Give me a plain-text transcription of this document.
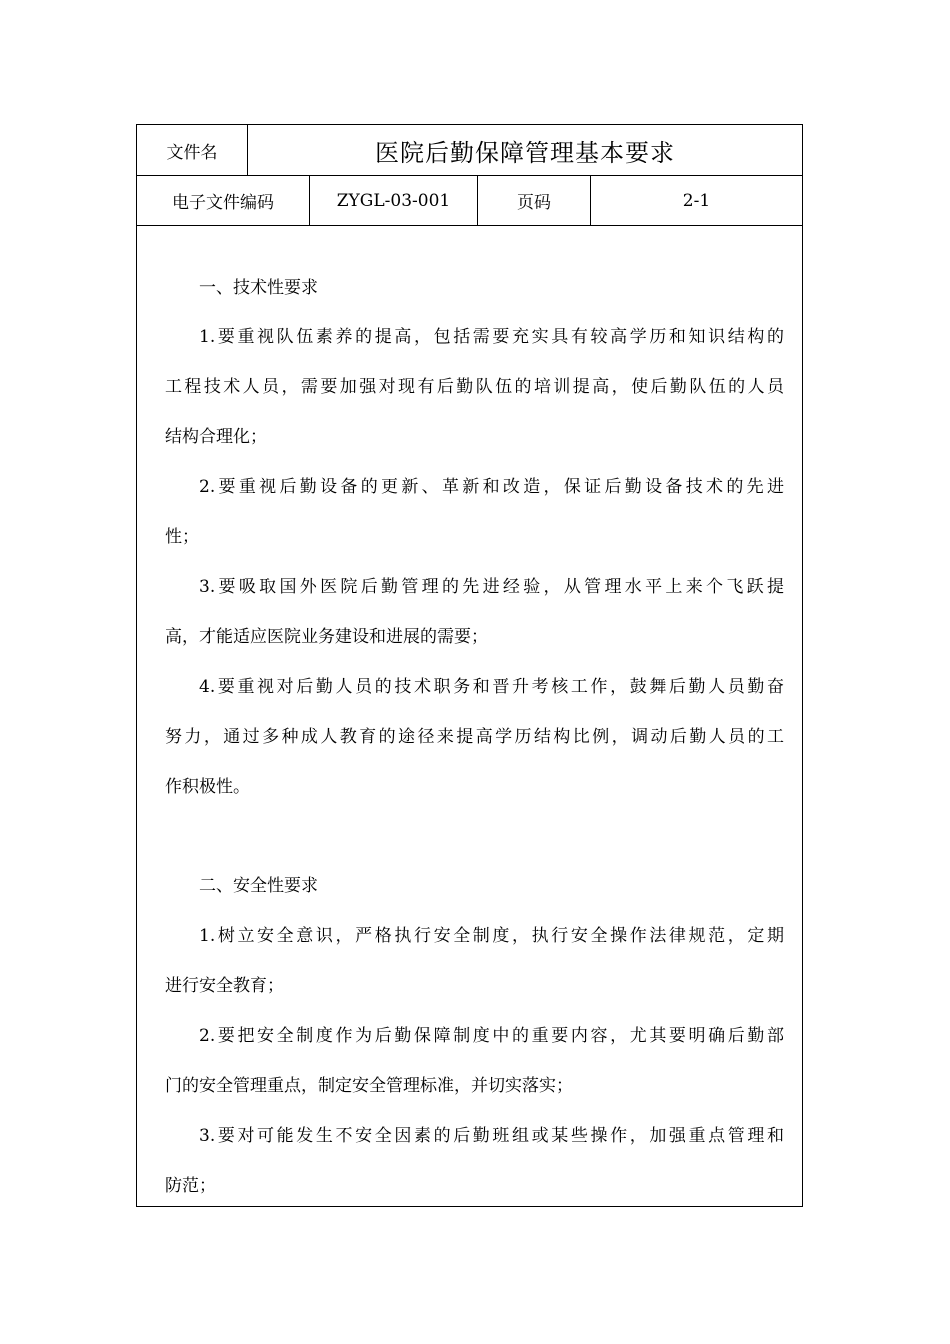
文件名	医院后勤保障管理基本要求
电子文件编码	ZYGL-03-001	页码	2-1
一、技术性要求
1.要重视队伍素养的提高，包括需要充实具有较高学历和知识结构的
工程技术人员，需要加强对现有后勤队伍的培训提高，使后勤队伍的人员
结构合理化；
2.要重视后勤设备的更新、革新和改造，保证后勤设备技术的先进
性；
3.要吸取国外医院后勤管理的先进经验，从管理水平上来个飞跃提
高，才能适应医院业务建设和进展的需要；
4.要重视对后勤人员的技术职务和晋升考核工作，鼓舞后勤人员勤奋
努力，通过多种成人教育的途径来提高学历结构比例，调动后勤人员的工
作积极性。
二、安全性要求
1.树立安全意识，严格执行安全制度，执行安全操作法律规范，定期
进行安全教育；
2.要把安全制度作为后勤保障制度中的重要内容，尤其要明确后勤部
门的安全管理重点，制定安全管理标准，并切实落实；
3.要对可能发生不安全因素的后勤班组或某些操作，加强重点管理和
防范；
